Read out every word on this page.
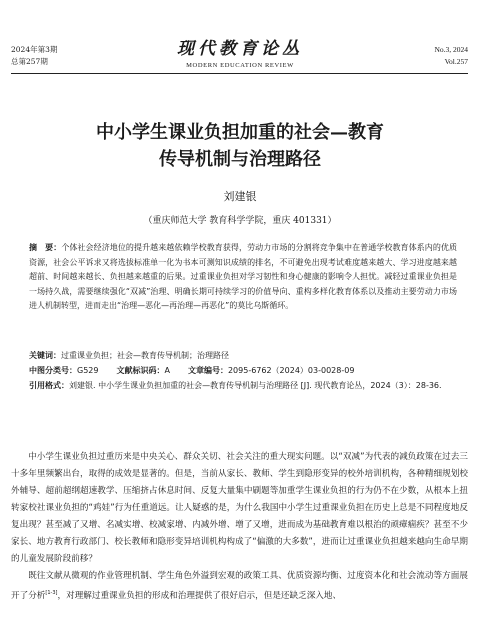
2024年第3期
总第257期
现代教育论丛
MODERN EDUCATION REVIEW
No.3, 2024
Vol.257
中小学生课业负担加重的社会—教育
传导机制与治理路径
刘建银
（重庆师范大学 教育科学学院，重庆 401331）
摘　要：个体社会经济地位的提升越来越依赖学校教育获得，劳动力市场的分割将竞争集中在普通学校教育体系内的优质资源，社会公平诉求又将选拔标准单一化为书本可测知识成绩的排名，不可避免出现考试难度越来越大、学习进度越来越超前、时间越来越长、负担越来越重的后果。过重课业负担对学习韧性和身心健康的影响令人担忧。减轻过重课业负担是一场持久战，需要继续强化“双减”治理、明确长期可持续学习的价值导向、重构多样化教育体系以及推动主要劳动力市场进人机制转型，进而走出“治理—恶化—再治理—再恶化”的莫比乌斯循环。
关键词：过重课业负担；社会—教育传导机制；治理路径
中图分类号：G529 文献标识码：A 文章编号：2095-6762（2024）03-0028-09
引用格式：刘建银. 中小学生课业负担加重的社会—教育传导机制与治理路径 [J]. 现代教育论丛，2024（3）：28-36.

中小学生课业负担过重历来是中央关心、群众关切、社会关注的重大现实问题。以“双减”为代表的减负政策在过去三十多年里频繁出台，取得的成效是显著的。但是，当前从家长、教师、学生到隐形变异的校外培训机构，各种精细规划校外辅导、超前超纲超速教学、压缩挤占休息时间、反复大量集中刷题等加重学生课业负担的行为仍不在少数，从根本上扭转家校社课业负担的“鸡娃”行为任重道远。让人疑惑的是，为什么我国中小学生过重课业负担在历史上总是不同程度地反复出现？甚至减了又增、名减实增、校减家增、内减外增、增了又增，进而成为基础教育难以根治的顽瘴痼疾？甚至不少家长、地方教育行政部门、校长教师和隐形变异培训机构构成了“偏激的大多数”，进而让过重课业负担越来越向生命早期的儿童发展阶段前移？

既往文献从微观的作业管理机制、学生角色外溢到宏观的政策工具、优质资源均衡、过度资本化和社会流动等方面展开了分析[1-3]，对理解过重课业负担的形成和治理提供了很好启示，但是还缺乏深入地、
